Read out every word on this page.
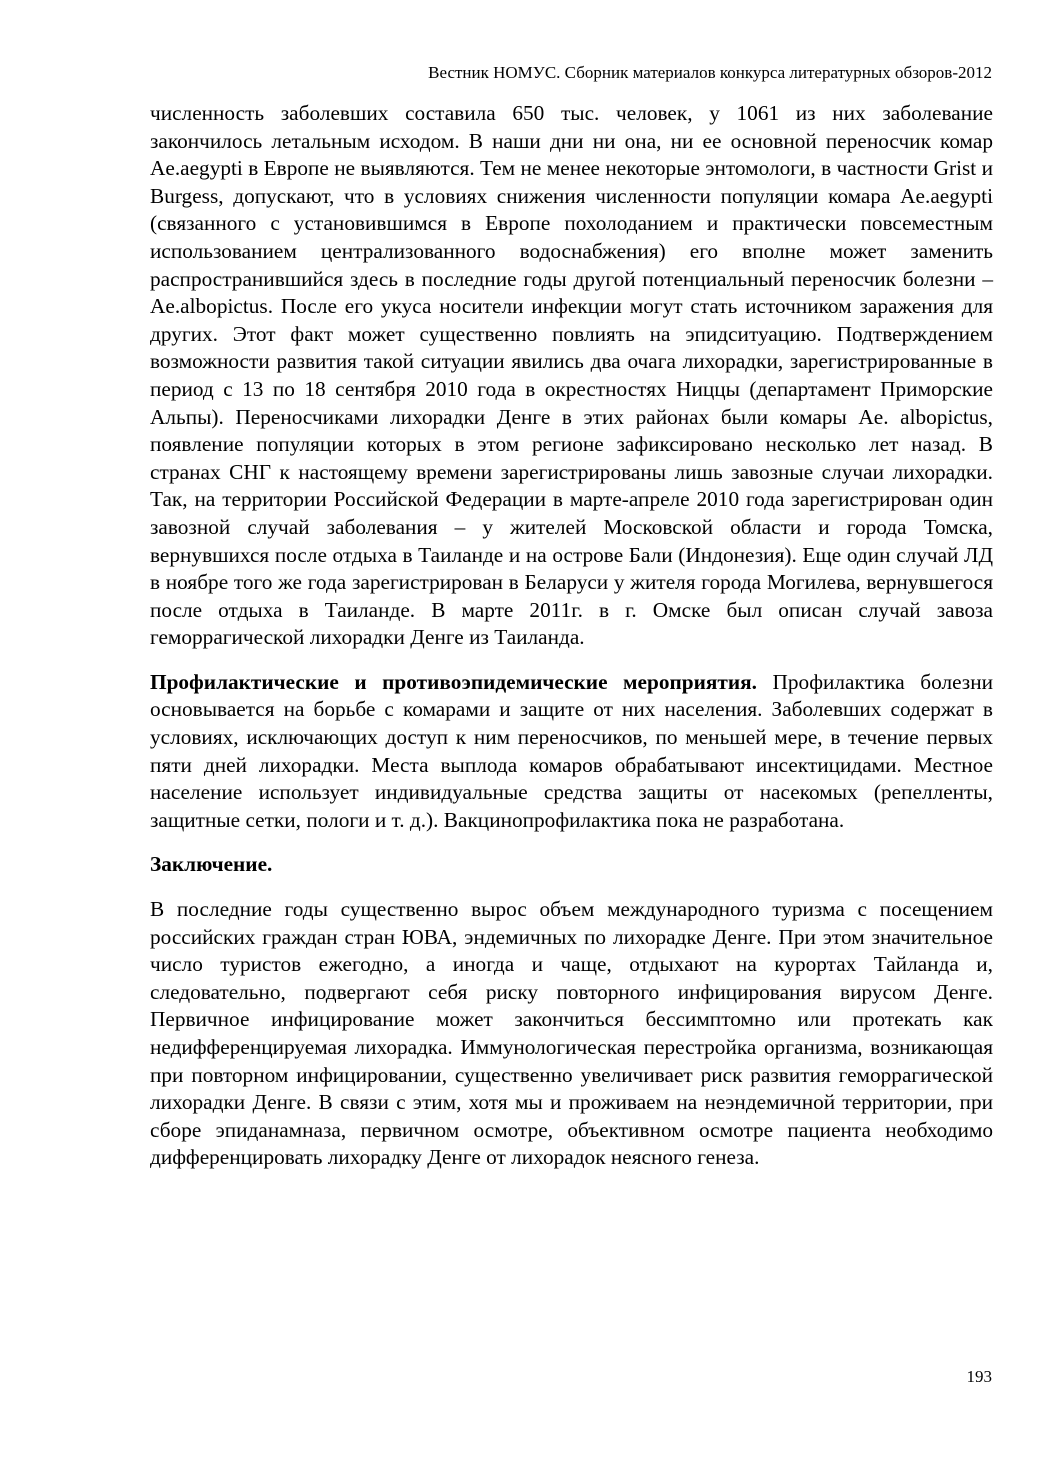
Вестник НОМУС. Сборник материалов конкурса литературных обзоров-2012

численность заболевших составила 650 тыс. человек, у 1061 из них заболевание закончилось летальным исходом. В наши дни ни она, ни ее основной переносчик комар Ae.aegypti в Европе не выявляются. Тем не менее некоторые энтомологи, в частности Grist и Burgess, допускают, что в условиях снижения численности популяции комара Ae.aegypti (связанного с установившимся в Европе похолоданием и практически повсеместным использованием централизованного водоснабжения) его вполне может заменить распространившийся здесь в последние годы другой потенциальный переносчик болезни – Ae.albopictus. После его укуса носители инфекции могут стать источником заражения для других. Этот факт может существенно повлиять на эпидситуацию. Подтверждением возможности развития такой ситуации явились два очага лихорадки, зарегистрированные в период с 13 по 18 сентября 2010 года в окрестностях Ниццы (департамент Приморские Альпы). Переносчиками лихорадки Денге в этих районах были комары Ae. albopictus, появление популяции которых в этом регионе зафиксировано несколько лет назад. В странах СНГ к настоящему времени зарегистрированы лишь завозные случаи лихорадки. Так, на территории Российской Федерации в марте-апреле 2010 года зарегистрирован один завозной случай заболевания – у жителей Московской области и города Томска, вернувшихся после отдыха в Таиланде и на острове Бали (Индонезия). Еще один случай ЛД в ноябре того же года зарегистрирован в Беларуси у жителя города Могилева, вернувшегося после отдыха в Таиланде. В марте 2011г. в г. Омске был описан случай завоза геморрагической лихорадки Денге из Таиланда.

Профилактические и противоэпидемические мероприятия. Профилактика болезни основывается на борьбе с комарами и защите от них населения. Заболевших содержат в условиях, исключающих доступ к ним переносчиков, по меньшей мере, в течение первых пяти дней лихорадки. Места выплода комаров обрабатывают инсектицидами. Местное население использует индивидуальные средства защиты от насекомых (репелленты, защитные сетки, пологи и т. д.). Вакцинопрофилактика пока не разработана.

Заключение.

В последние годы существенно вырос объем международного туризма с посещением российских граждан стран ЮВА, эндемичных по лихорадке Денге. При этом значительное число туристов ежегодно, а иногда и чаще, отдыхают на курортах Тайланда и, следовательно, подвергают себя риску повторного инфицирования вирусом Денге. Первичное инфицирование может закончиться бессимптомно или протекать как недифференцируемая лихорадка. Иммунологическая перестройка организма, возникающая при повторном инфицировании, существенно увеличивает риск развития геморрагической лихорадки Денге. В связи с этим, хотя мы и проживаем на неэндемичной территории, при сборе эпиданамназа, первичном осмотре, объективном осмотре пациента необходимо дифференцировать лихорадку Денге от лихорадок неясного генеза.

193
